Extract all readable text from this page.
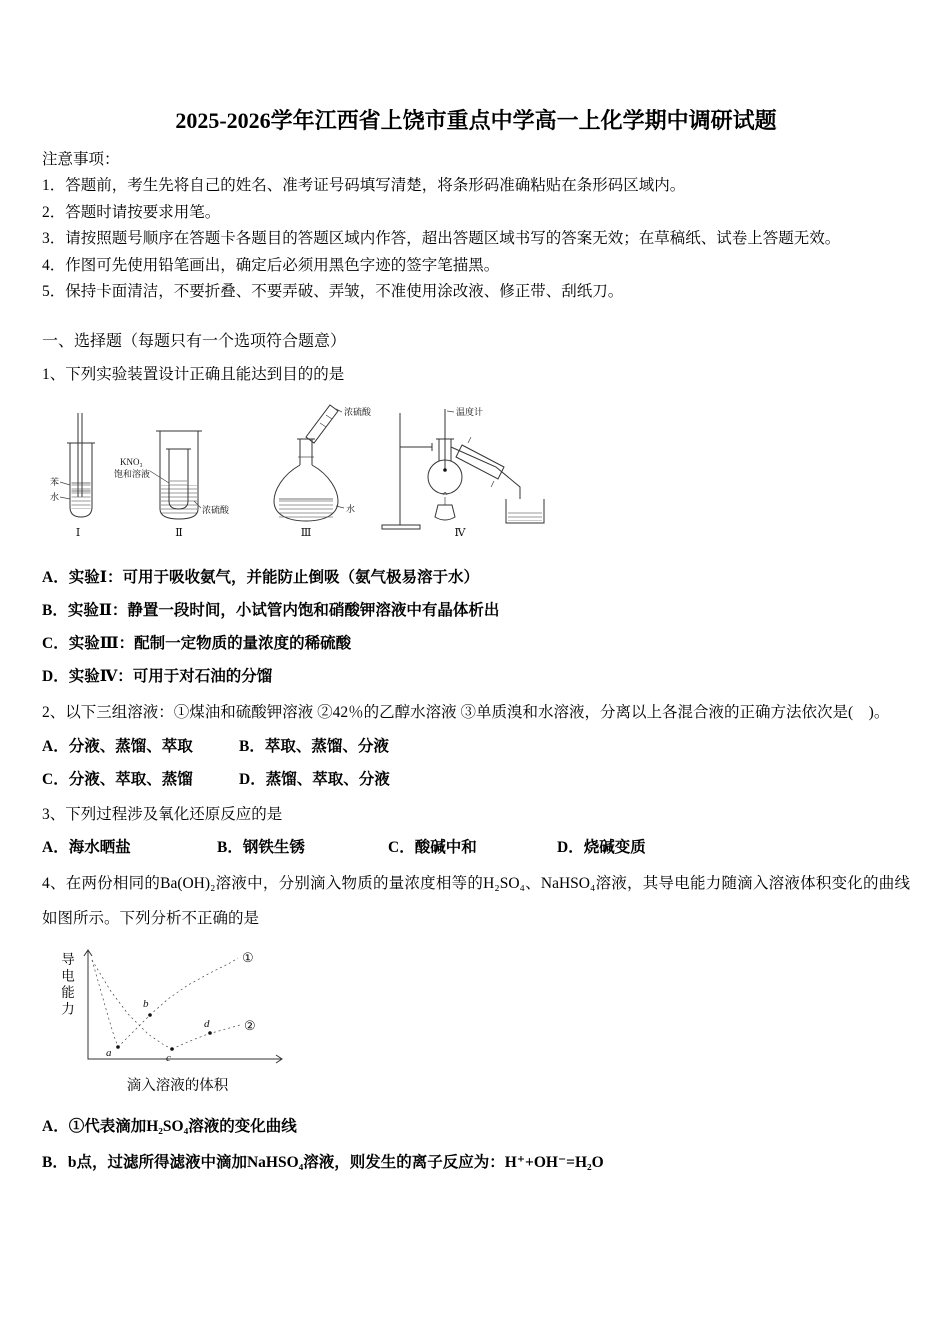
2025-2026学年江西省上饶市重点中学高一上化学期中调研试题
注意事项：
1．答题前，考生先将自己的姓名、准考证号码填写清楚，将条形码准确粘贴在条形码区域内。
2．答题时请按要求用笔。
3．请按照题号顺序在答题卡各题目的答题区域内作答，超出答题区域书写的答案无效；在草稿纸、试卷上答题无效。
4．作图可先使用铅笔画出，确定后必须用黑色字迹的签字笔描黑。
5．保持卡面清洁，不要折叠、不要弄破、弄皱，不准使用涂改液、修正带、刮纸刀。
一、选择题（每题只有一个选项符合题意）
1、下列实验装置设计正确且能达到目的的是
苯
水
Ⅰ
KNO₃
饱和溶液
浓硫酸
Ⅱ
浓硫酸
水
Ⅲ
温度计
Ⅳ
A．实验Ⅰ：可用于吸收氨气，并能防止倒吸（氨气极易溶于水）
B．实验Ⅱ：静置一段时间，小试管内饱和硝酸钾溶液中有晶体析出
C．实验Ⅲ：配制一定物质的量浓度的稀硫酸
D．实验Ⅳ：可用于对石油的分馏
2、以下三组溶液：①煤油和硫酸钾溶液 ②42％的乙醇水溶液 ③单质溴和水溶液，分离以上各混合液的正确方法依次是(　)。
A．分液、蒸馏、萃取	B．萃取、蒸馏、分液
C．分液、萃取、蒸馏	D．蒸馏、萃取、分液
3、下列过程涉及氧化还原反应的是
A．海水晒盐	B．钢铁生锈	C．酸碱中和	D．烧碱变质
4、在两份相同的Ba(OH)₂溶液中，分别滴入物质的量浓度相等的H₂SO₄、NaHSO₄溶液，其导电能力随滴入溶液体积变化的曲线如图所示。下列分析不正确的是
导电能力
a
b
c
d
①
②
滴入溶液的体积
A．①代表滴加H₂SO₄溶液的变化曲线
B．b点，过滤所得滤液中滴加NaHSO₄溶液，则发生的离子反应为：H⁺+OH⁻=H₂O
